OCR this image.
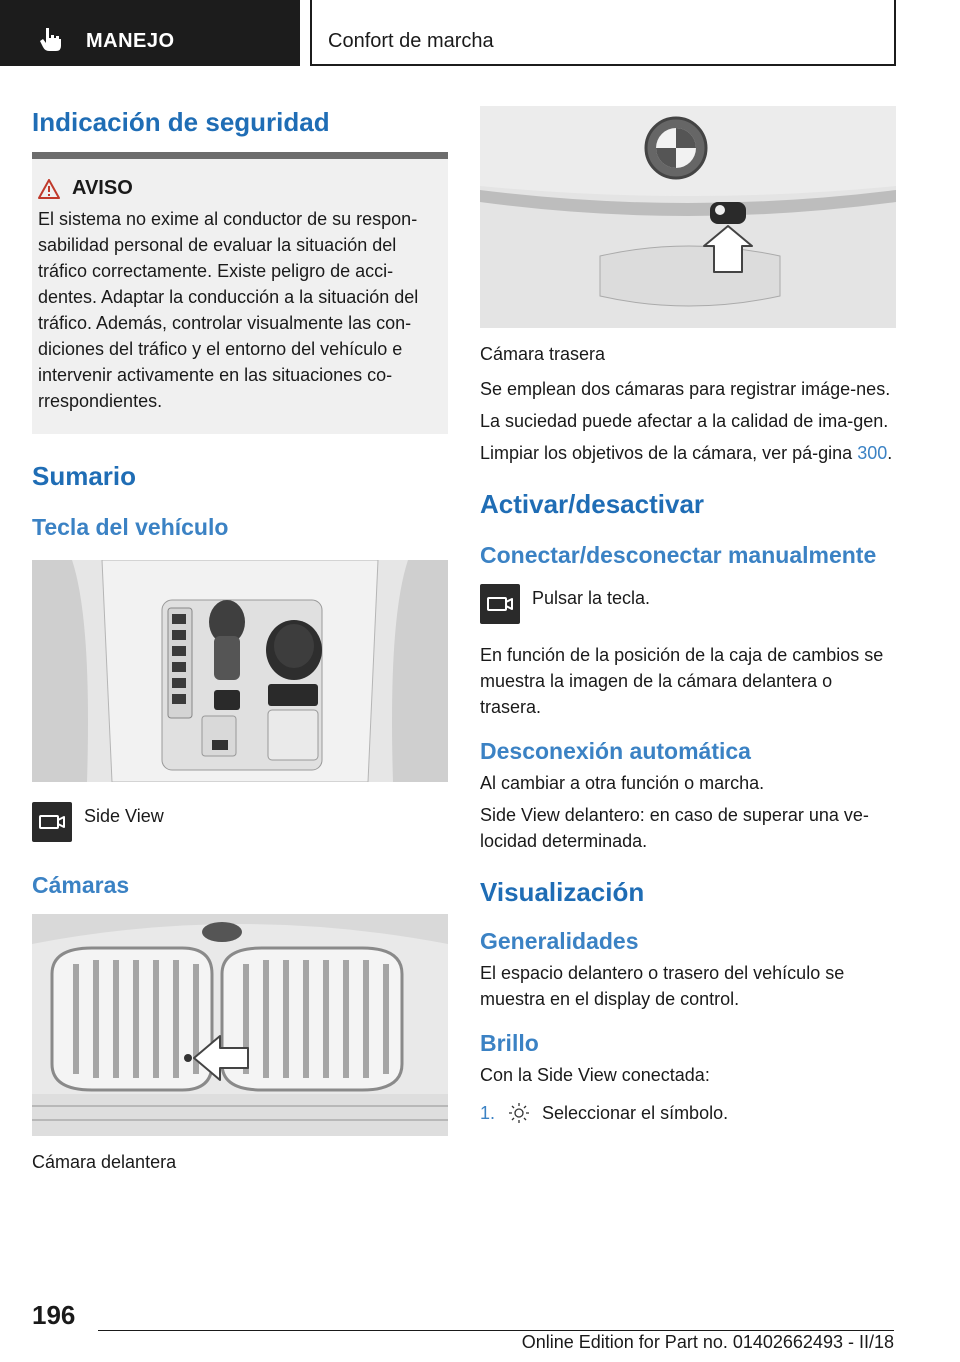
MANEJO	Confort de marcha
Indicación de seguridad
AVISO
El sistema no exime al conductor de su respon-sabilidad personal de evaluar la situación del tráfico correctamente. Existe peligro de acci-dentes. Adaptar la conducción a la situación del tráfico. Además, controlar visualmente las con-diciones del tráfico y el entorno del vehículo e intervenir activamente en las situaciones co-rrespondientes.
Sumario
Tecla del vehículo
Side View
Cámaras
Cámara delantera
Cámara trasera
Se emplean dos cámaras para registrar imáge-nes.
La suciedad puede afectar a la calidad de ima-gen.
Limpiar los objetivos de la cámara, ver pá-gina 300.
Activar/desactivar
Conectar/desconectar manualmente
Pulsar la tecla.
En función de la posición de la caja de cambios se muestra la imagen de la cámara delantera o trasera.
Desconexión automática
Al cambiar a otra función o marcha.
Side View delantero: en caso de superar una ve-locidad determinada.
Visualización
Generalidades
El espacio delantero o trasero del vehículo se muestra en el display de control.
Brillo
Con la Side View conectada:
1.	Seleccionar el símbolo.
196
Online Edition for Part no. 01402662493 - II/18
